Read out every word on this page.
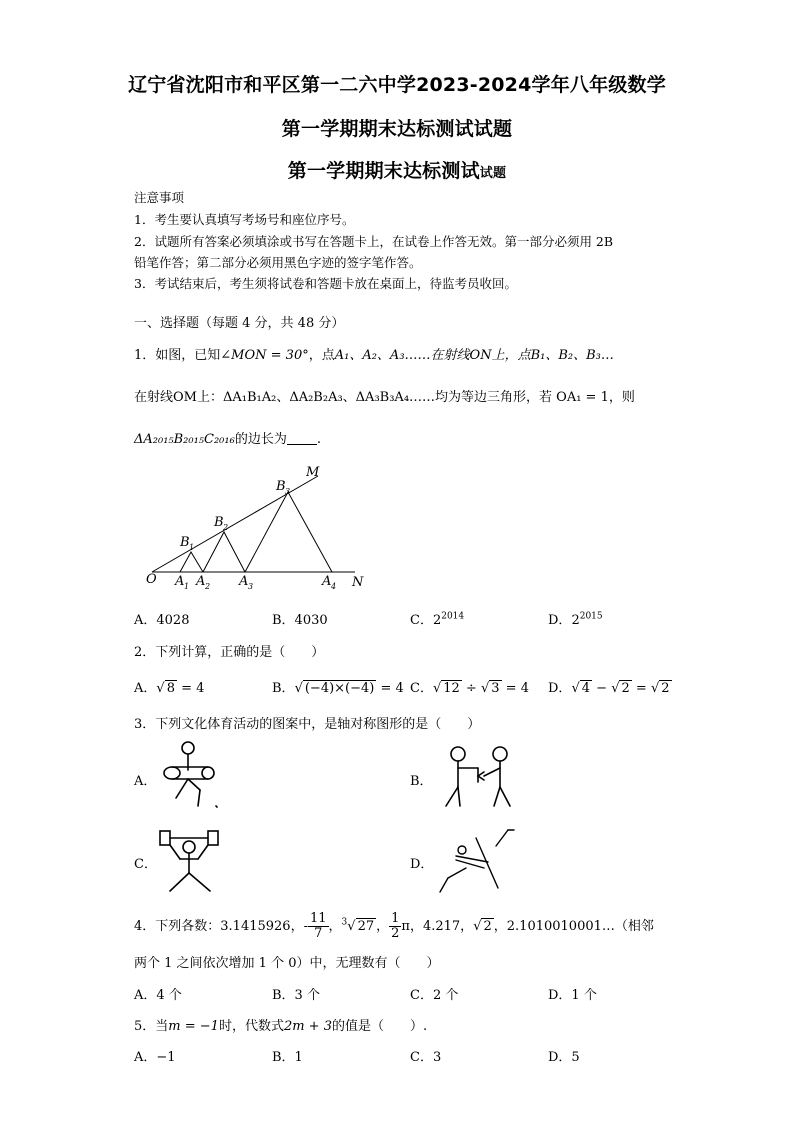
辽宁省沈阳市和平区第一二六中学2023-2024学年八年级数学
第一学期期末达标测试试题
第一学期期末达标测试试题
注意事项
1．考生要认真填写考场号和座位序号。
2．试题所有答案必须填涂或书写在答题卡上，在试卷上作答无效。第一部分必须用 2B
铅笔作答；第二部分必须用黑色字迹的签字笔作答。
3．考试结束后，考生须将试卷和答题卡放在桌面上，待监考员收回。
一、选择题（每题 4 分，共 48 分）
1．如图，已知∠MON = 30°，点A₁、A₂、A₃……在射线ON上，点B₁、B₂、B₃…
在射线OM上：ΔA₁B₁A₂、ΔA₂B₂A₃、ΔA₃B₃A₄……均为等边三角形，若 OA₁ = 1，则
ΔA₂₀₁₅B₂₀₁₅C₂₀₁₆的边长为 .
M
N
O
B 1
B 2
B 3
A 1 A 2 A 3	A 4
A．4028	B．4030	C．$2^{2014}$	D．$2^{2015}$
2．下列计算，正确的是（　　）
A．√ 8 = 4	B．√ (−4)×(−4) = 4 C．√ 12 ÷ √ 3 = 4 D．√ 4 − √ 2 = √ 2
3．下列文化体育活动的图案中，是轴对称图形的是（　　）
A．	B．
C．	D．
4．下列各数：3.1415926，- $\frac{11}{7}$ ，$^3$√ 27 ， $\frac{1}{2}$ π，4.217，√ 2 ，2.1010010001…（相邻
两个 1 之间依次增加 1 个 0）中，无理数有（　　）
A．4 个	B．3 个	C．2 个	D．1 个
5．当m = −1时，代数式2m + 3的值是（　　）.
A．−1	B．1	C．3	D．5
